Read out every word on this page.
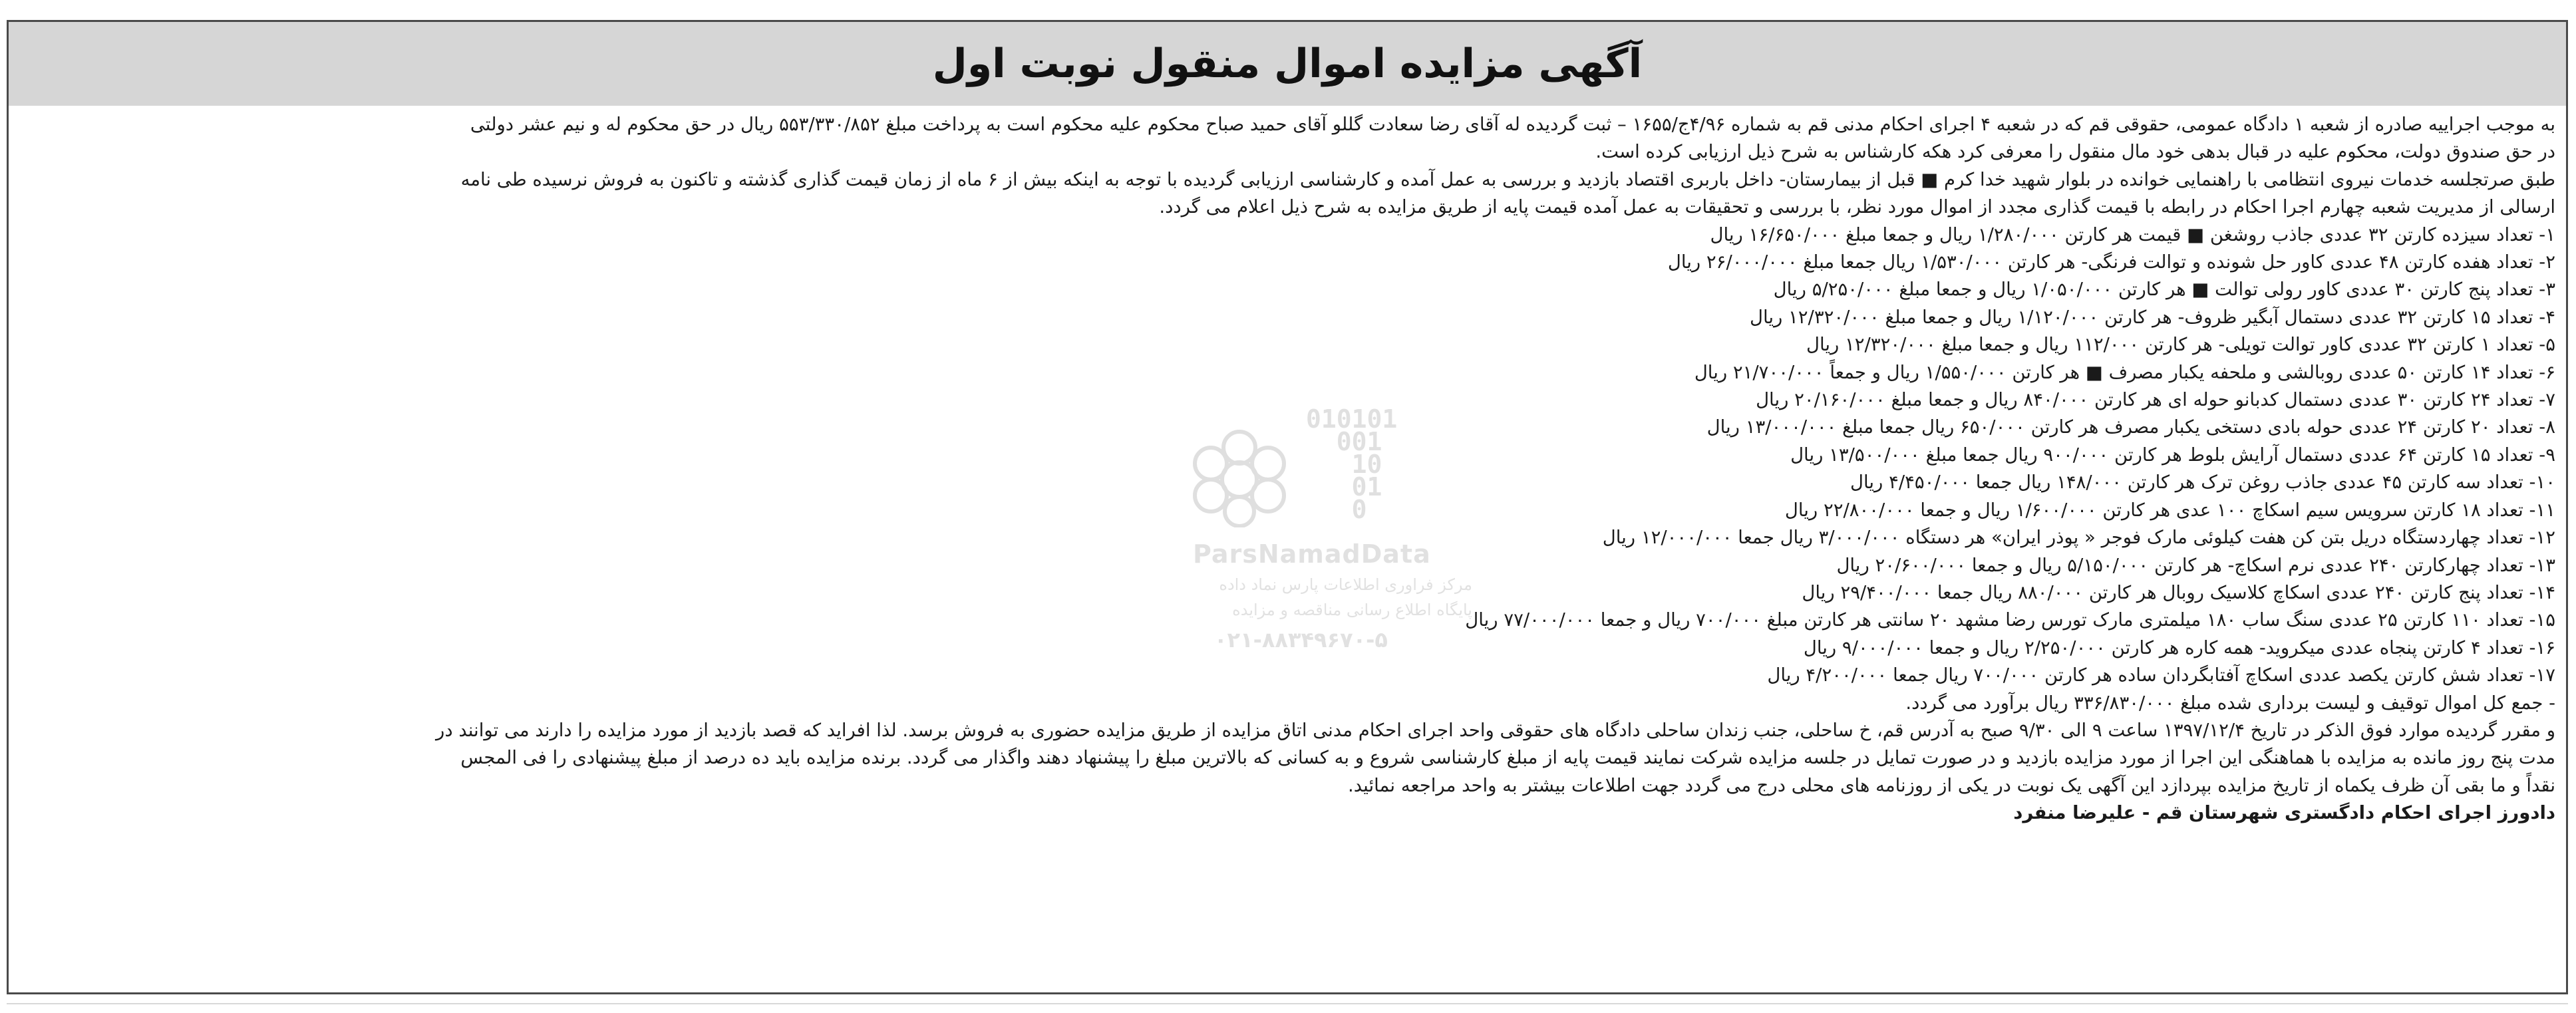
آگهی مزایده اموال منقول نوبت اول
به موجب اجراییه صادره از شعبه ۱ دادگاه عمومی، حقوقی قم که در شعبه ۴ اجرای احکام مدنی قم به شماره ۴/۹۶ج/۱۶۵۵ – ثبت گردیده له آقای رضا سعادت گللو آقای حمید صباح محکوم علیه محکوم است به پرداخت مبلغ ۵۵۳/۳۳۰/۸۵۲ ریال در حق محکوم له و نیم عشر دولتی
در حق صندوق دولت، محکوم علیه در قبال بدهی خود مال منقول را معرفی کرد هکه کارشناس به شرح ذیل ارزیابی کرده است.
طبق صرتجلسه خدمات نیروی انتظامی با راهنمایی خوانده در بلوار شهید خدا کرم ■ قبل از بیمارستان- داخل باربری اقتصاد بازدید و بررسی به عمل آمده و کارشناسی ارزیابی گردیده با توجه به اینکه بیش از ۶ ماه از زمان قیمت گذاری گذشته و تاکنون به فروش نرسیده طی نامه
ارسالی از مدیریت شعبه چهارم اجرا احکام در رابطه با قیمت گذاری مجدد از اموال مورد نظر، با بررسی و تحقیقات به عمل آمده قیمت پایه از طریق مزایده به شرح ذیل اعلام می گردد.
۱- تعداد سیزده کارتن ۳۲ عددی جاذب روشغن ■ قیمت هر کارتن ۱/۲۸۰/۰۰۰ ریال و جمعا مبلغ ۱۶/۶۵۰/۰۰۰ ریال
۲- تعداد هفده کارتن ۴۸ عددی کاور حل شونده و توالت فرنگی- هر کارتن ۱/۵۳۰/۰۰۰ ریال جمعا مبلغ ۲۶/۰۰۰/۰۰۰ ریال
۳- تعداد پنج کارتن ۳۰ عددی کاور رولی توالت ■ هر کارتن ۱/۰۵۰/۰۰۰ ریال و جمعا مبلغ ۵/۲۵۰/۰۰۰ ریال
۴- تعداد ۱۵ کارتن ۳۲ عددی دستمال آبگیر ظروف- هر کارتن ۱/۱۲۰/۰۰۰ ریال و جمعا مبلغ ۱۲/۳۲۰/۰۰۰ ریال
۵- تعداد ۱ کارتن ۳۲ عددی کاور توالت تویلی- هر کارتن ۱۱۲/۰۰۰ ریال و جمعا مبلغ ۱۲/۳۲۰/۰۰۰ ریال
۶- تعداد ۱۴ کارتن ۵۰ عددی روبالشی و ملحفه یکبار مصرف ■ هر کارتن ۱/۵۵۰/۰۰۰ ریال و جمعاً ۲۱/۷۰۰/۰۰۰ ریال
۷- تعداد ۲۴ کارتن ۳۰ عددی دستمال کدبانو حوله ای هر کارتن ۸۴۰/۰۰۰ ریال و جمعا مبلغ ۲۰/۱۶۰/۰۰۰ ریال
۸- تعداد ۲۰ کارتن ۲۴ عددی حوله بادی دستخی یکبار مصرف هر کارتن ۶۵۰/۰۰۰ ریال جمعا مبلغ ۱۳/۰۰۰/۰۰۰ ریال
۹- تعداد ۱۵ کارتن ۶۴ عددی دستمال آرایش بلوط هر کارتن ۹۰۰/۰۰۰ ریال جمعا مبلغ ۱۳/۵۰۰/۰۰۰ ریال
۱۰- تعداد سه کارتن ۴۵ عددی جاذب روغن ترک هر کارتن ۱۴۸/۰۰۰ ریال جمعا ۴/۴۵۰/۰۰۰ ریال
۱۱- تعداد ۱۸ کارتن سرویس سیم اسکاچ ۱۰۰ عدی هر کارتن ۱/۶۰۰/۰۰۰ ریال و جمعا ۲۲/۸۰۰/۰۰۰ ریال
۱۲- تعداد چهاردستگاه دریل بتن کن هفت کیلوئی مارک فوجر « پوذر ایران» هر دستگاه ۳/۰۰۰/۰۰۰ ریال جمعا ۱۲/۰۰۰/۰۰۰ ریال
۱۳- تعداد چهارکارتن ۲۴۰ عددی نرم اسکاچ- هر کارتن ۵/۱۵۰/۰۰۰ ریال و جمعا ۲۰/۶۰۰/۰۰۰ ریال
۱۴- تعداد پنج کارتن ۲۴۰ عددی اسکاچ کلاسیک روبال هر کارتن ۸۸۰/۰۰۰ ریال جمعا ۲۹/۴۰۰/۰۰۰ ریال
۱۵- تعداد ۱۱۰ کارتن ۲۵ عددی سنگ ساب ۱۸۰ میلمتری مارک تورس رضا مشهد ۲۰ سانتی هر کارتن مبلغ ۷۰۰/۰۰۰ ریال و جمعا ۷۷/۰۰۰/۰۰۰ ریال
۱۶- تعداد ۴ کارتن پنجاه عددی میکروید- همه کاره هر کارتن ۲/۲۵۰/۰۰۰ ریال و جمعا ۹/۰۰۰/۰۰۰ ریال
۱۷- تعداد شش کارتن یکصد عددی اسکاچ آفتابگردان ساده هر کارتن ۷۰۰/۰۰۰ ریال جمعا ۴/۲۰۰/۰۰۰ ریال
- جمع کل اموال توقیف و لیست برداری شده مبلغ ۳۳۶/۸۳۰/۰۰۰ ریال برآورد می گردد.
و مقرر گردیده موارد فوق الذکر در تاریخ ۱۳۹۷/۱۲/۴ ساعت ۹ الی ۹/۳۰ صبح به آدرس قم، خ ساحلی، جنب زندان ساحلی دادگاه های حقوقی واحد اجرای احکام مدنی اتاق مزایده از طریق مزایده حضوری به فروش برسد. لذا افراید که قصد بازدید از مورد مزایده را دارند می توانند در
مدت پنج روز مانده به مزایده با هماهنگی این اجرا از مورد مزایده بازدید و در صورت تمایل در جلسه مزایده شرکت نمایند قیمت پایه از مبلغ کارشناسی شروع و به کسانی که بالاترین مبلغ را پیشنهاد دهند واگذار می گردد. برنده مزایده باید ده درصد از مبلغ پیشنهادی را فی المجس
نقداً و ما بقی آن ظرف یکماه از تاریخ مزایده بپردازد این آگهی یک نوبت در یکی از روزنامه های محلی درج می گردد جهت اطلاعات بیشتر به واحد مراجعه نمائید.
دادورز اجرای احکام دادگستری شهرستان قم - علیرضا منفرد
010101
001
10
01
0
ParsNamadData
مرکز فراوری اطلاعات پارس نماد داده
پایگاه اطلاع رسانی مناقصه و مزایده
۰۲۱-۸۸۳۴۹۶۷۰-۵
